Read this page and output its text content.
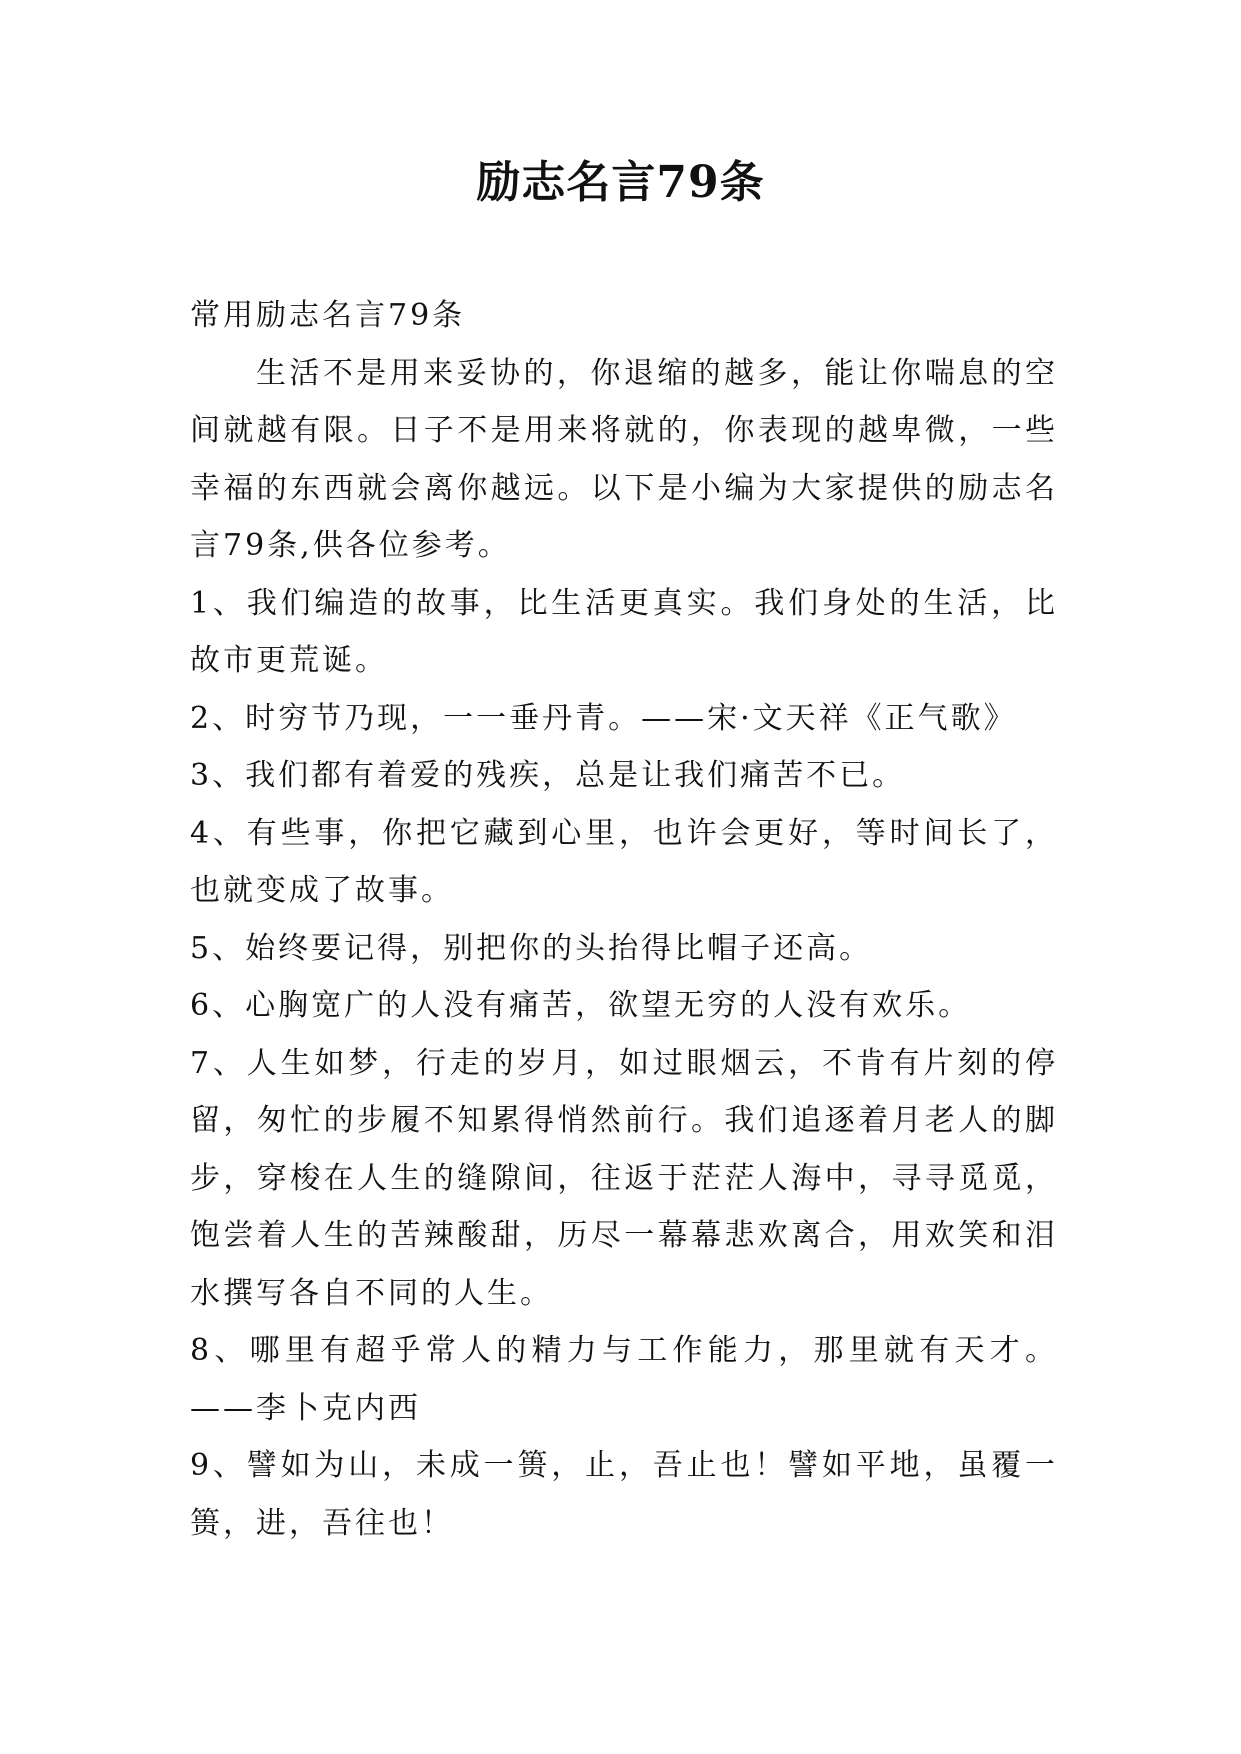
励志名言79条

常用励志名言79条

生活不是用来妥协的，你退缩的越多，能让你喘息的空间就越有限。日子不是用来将就的，你表现的越卑微，一些幸福的东西就会离你越远。以下是小编为大家提供的励志名言79条,供各位参考。

1、我们编造的故事，比生活更真实。我们身处的生活，比故市更荒诞。

2、时穷节乃现，一一垂丹青。——宋·文天祥《正气歌》

3、我们都有着爱的残疾，总是让我们痛苦不已。

4、有些事，你把它藏到心里，也许会更好，等时间长了，也就变成了故事。

5、始终要记得，别把你的头抬得比帽子还高。

6、心胸宽广的人没有痛苦，欲望无穷的人没有欢乐。

7、人生如梦，行走的岁月，如过眼烟云，不肯有片刻的停留，匆忙的步履不知累得悄然前行。我们追逐着月老人的脚步，穿梭在人生的缝隙间，往返于茫茫人海中，寻寻觅觅，饱尝着人生的苦辣酸甜，历尽一幕幕悲欢离合，用欢笑和泪水撰写各自不同的人生。

8、哪里有超乎常人的精力与工作能力，那里就有天才。——李卜克内西

9、譬如为山，未成一篑，止，吾止也！譬如平地，虽覆一篑，进，吾往也！
